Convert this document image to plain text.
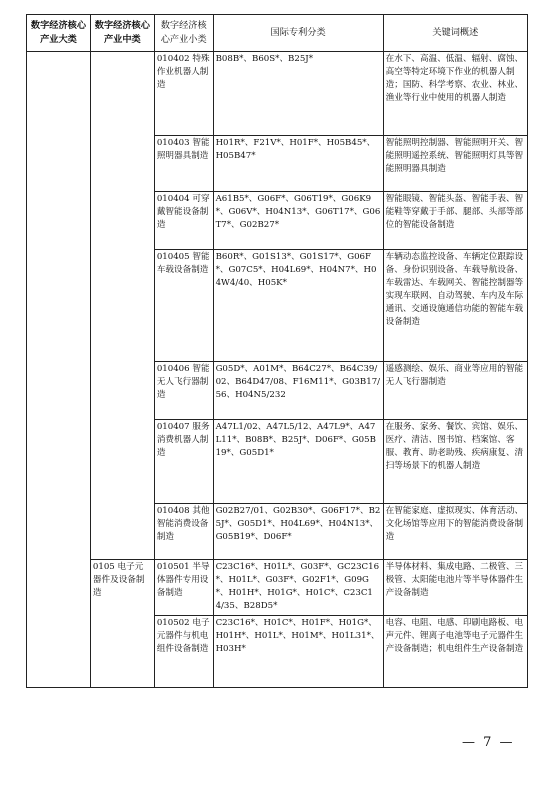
数字经济核心产业大类	数字经济核心产业中类	数字经济核心产业小类	国际专利分类	关键词概述
		010402 特殊作业机器人制造	B08B*、B60S*、B25J*	在水下、高温、低温、辐射、腐蚀、高空等特定环境下作业的机器人制造；国防、科学考察、农业、林业、渔业等行业中使用的机器人制造
		010403 智能照明器具制造	H01R*、F21V*、H01F*、H05B45*、H05B47*	智能照明控制器、智能照明开关、智能照明遥控系统、智能照明灯具等智能照明器具制造
		010404 可穿戴智能设备制造	A61B5*、G06F*、G06T19*、G06K9*、G06V*、H04N13*、G06T17*、G06T7*、G02B27*	智能眼镜、智能头盔、智能手表、智能鞋等穿戴于手部、腿部、头部等部位的智能设备制造
		010405 智能车载设备制造	B60R*、G01S13*、G01S17*、G06F*、G07C5*、H04L69*、H04N7*、H04W4/40、H05K*	车辆动态监控设备、车辆定位跟踪设备、身份识别设备、车载导航设备、车载雷达、车载网关、智能控制器等实现车联网、自动驾驶、车内及车际通讯、交通设施通信功能的智能车载设备制造
		010406 智能无人飞行器制造	G05D*、A01M*、B64C27*、B64C39/02、B64D47/08、F16M11*、G03B17/56、H04N5/232	遥感测绘、娱乐、商业等应用的智能无人飞行器制造
		010407 服务消费机器人制造	A47L1/02、A47L5/12、A47L9*、A47L11*、B08B*、B25J*、D06F*、G05B19*、G05D1*	在服务、家务、餐饮、宾馆、娱乐、医疗、清洁、图书馆、档案馆、客服、教育、助老助残、疾病康复、清扫等场景下的机器人制造
		010408 其他智能消费设备制造	G02B27/01、G02B30*、G06F17*、B25J*、G05D1*、H04L69*、H04N13*、G05B19*、D06F*	在智能家庭、虚拟现实、体育活动、文化场馆等应用下的智能消费设备制造
	0105 电子元器件及设备制造	010501 半导体器件专用设备制造	C23C16*、H01L*、G03F*、GC23C16*、H01L*、G03F*、G02F1*、G09G*、H01H*、H01G*、H01C*、C23C14/35、B28D5*	半导体材料、集成电路、二极管、三极管、太阳能电池片等半导体器件生产设备制造
		010502 电子元器件与机电组件设备制造	C23C16*、H01C*、H01F*、H01G*、H01H*、H01L*、H01M*、H01L31*、H03H*	电容、电阻、电感、印刷电路板、电声元件、锂离子电池等电子元器件生产设备制造；机电组件生产设备制造
— 7 —
